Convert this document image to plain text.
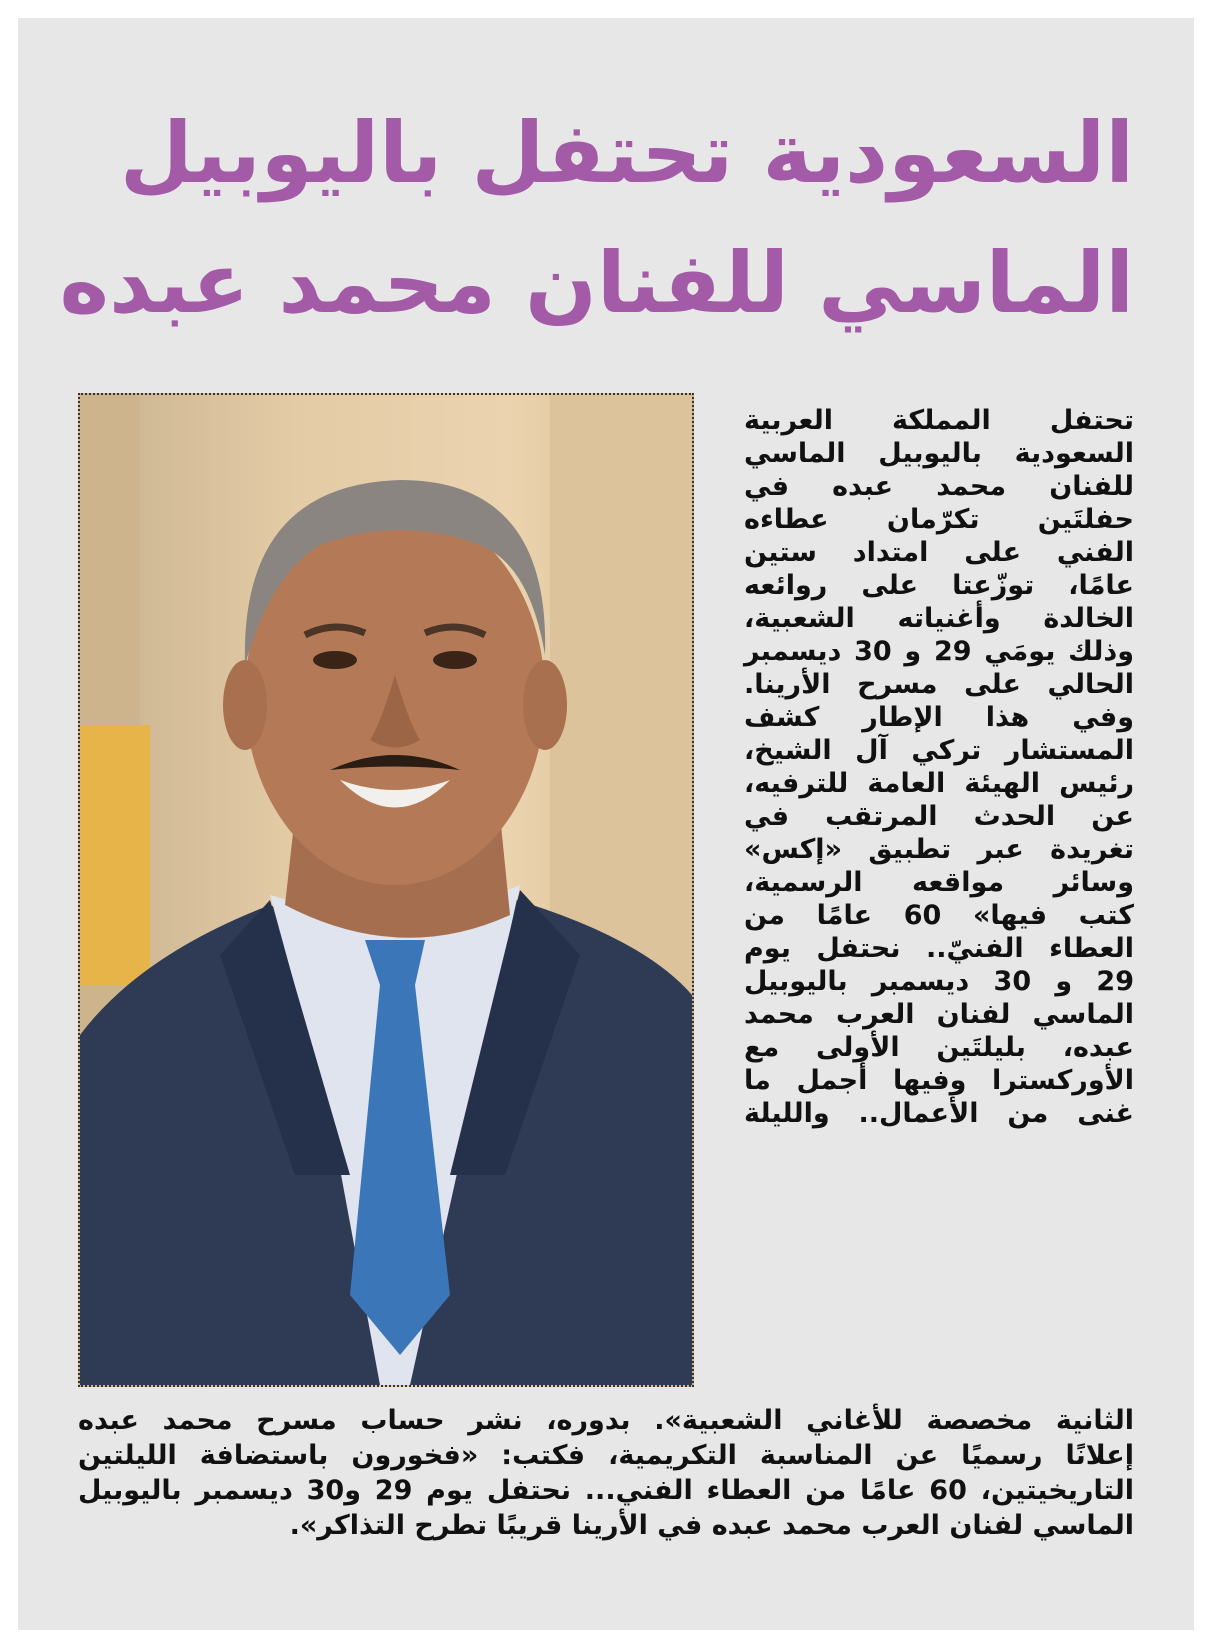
السعودية تحتفل باليوبيل
الماسي للفنان محمد عبده
تحتفل المملكة العربية
السعودية باليوبيل الماسي
للفنان محمد عبده في
حفلتَين تكرّمان عطاءه
الفني على امتداد ستين
عامًا، توزّعتا على روائعه
الخالدة وأغنياته الشعبية،
وذلك يومَي 29 و 30 ديسمبر
الحالي على مسرح الأرينا.
وفي هذا الإطار كشف
المستشار تركي آل الشيخ،
رئيس الهيئة العامة للترفيه،
عن الحدث المرتقب في
تغريدة عبر تطبيق «إكس»
وسائر مواقعه الرسمية،
كتب فيها» 60 عامًا من
العطاء الفنيّ.. نحتفل يوم
29 و 30 ديسمبر باليوبيل
الماسي لفنان العرب محمد
عبده، بليلتَين الأولى مع
الأوركسترا وفيها أجمل ما
غنى من الأعمال.. والليلة
الثانية مخصصة للأغاني الشعبية». بدوره، نشر حساب مسرح محمد عبده
إعلانًا رسميًا عن المناسبة التكريمية، فكتب: «فخورون باستضافة الليلتين
التاريخيتين، 60 عامًا من العطاء الفني... نحتفل يوم 29 و30 ديسمبر باليوبيل
الماسي لفنان العرب محمد عبده في الأرينا قريبًا تطرح التذاكر».
